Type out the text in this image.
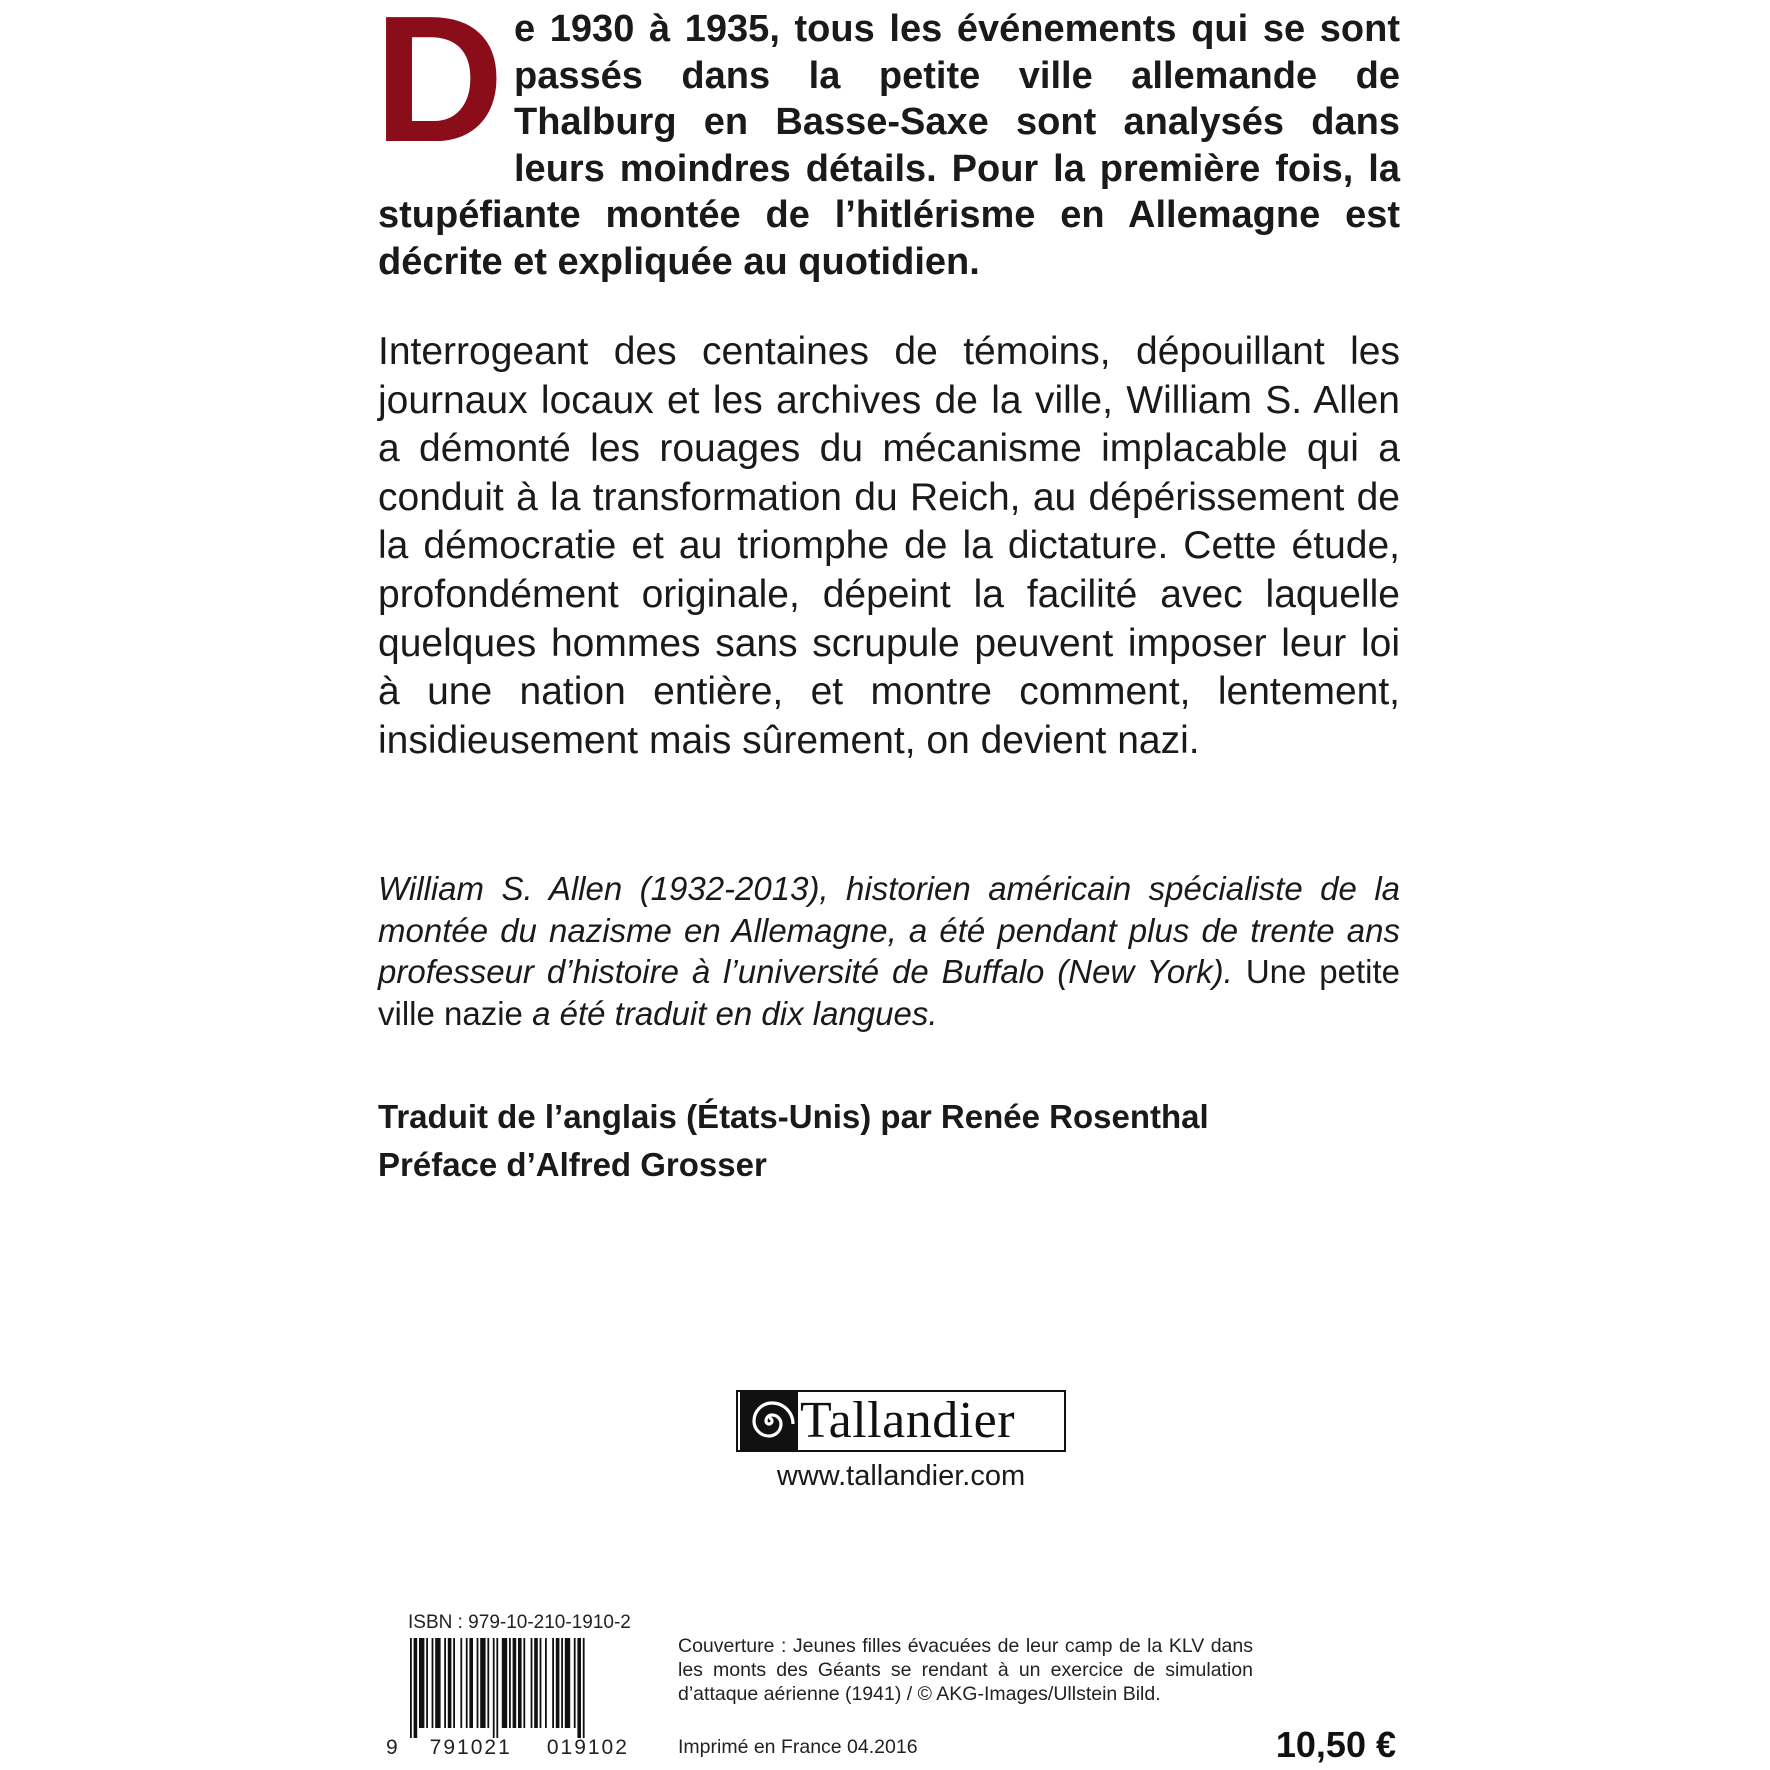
De 1930 à 1935, tous les événements qui se sont passés dans la petite ville allemande de Thalburg en Basse-Saxe sont analysés dans leurs moindres détails. Pour la première fois, la stupéfiante montée de l’hitlérisme en Allemagne est décrite et expliquée au quotidien.
Interrogeant des centaines de témoins, dépouillant les journaux locaux et les archives de la ville, William S. Allen a démonté les rouages du mécanisme implacable qui a conduit à la transformation du Reich, au dépérissement de la démocratie et au triomphe de la dictature. Cette étude, profondément originale, dépeint la facilité avec laquelle quelques hommes sans scrupule peuvent imposer leur loi à une nation entière, et montre comment, lentement, insidieusement mais sûrement, on devient nazi.
William S. Allen (1932-2013), historien américain spécialiste de la montée du nazisme en Allemagne, a été pendant plus de trente ans professeur d’histoire à l’université de Buffalo (New York). Une petite ville nazie a été traduit en dix langues.
Traduit de l’anglais (États-Unis) par Renée Rosenthal
Préface d’Alfred Grosser
Tallandier
www.tallandier.com
ISBN : 979-10-210-1910-2
9	791021	019102
Couverture : Jeunes filles évacuées de leur camp de la KLV dans les monts des Géants se rendant à un exercice de simulation d’attaque aérienne (1941) / © AKG-Images/Ullstein Bild.
Imprimé en France 04.2016	10,50 €
